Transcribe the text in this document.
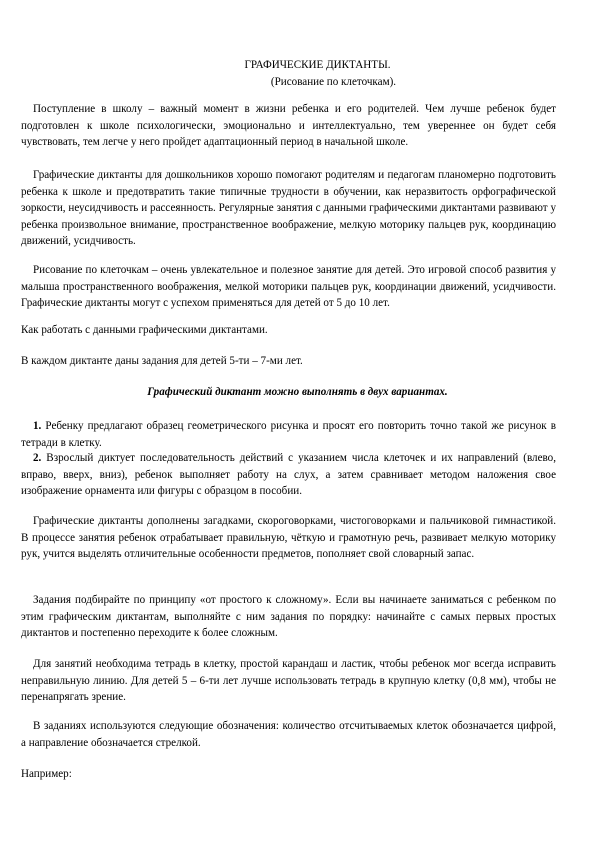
ГРАФИЧЕСКИЕ ДИКТАНТЫ.
(Рисование по клеточкам).
Поступление в школу – важный момент в жизни ребенка и его родителей. Чем лучше ребенок будет подготовлен к школе психологически, эмоционально и интеллектуально, тем увереннее он будет себя чувствовать, тем легче у него пройдет адаптационный период в начальной школе.
Графические диктанты для дошкольников хорошо помогают родителям и педагогам планомерно подготовить ребенка к школе и предотвратить такие типичные трудности в обучении, как неразвитость орфографической зоркости, неусидчивость и рассеянность. Регулярные занятия с данными графическими диктантами развивают у ребенка произвольное внимание, пространственное воображение, мелкую моторику пальцев рук, координацию движений, усидчивость.
Рисование по клеточкам – очень увлекательное и полезное занятие для детей. Это игровой способ развития у малыша пространственного воображения, мелкой моторики пальцев рук, координации движений, усидчивости. Графические диктанты могут с успехом применяться для детей от 5 до 10 лет.
Как работать с данными графическими диктантами.
В каждом диктанте даны задания для детей 5-ти – 7-ми лет.
Графический диктант можно выполнять в двух вариантах.
1. Ребенку предлагают образец геометрического рисунка и просят его повторить точно такой же рисунок в тетради в клетку.
2. Взрослый диктует последовательность действий с указанием числа клеточек и их направлений (влево, вправо, вверх, вниз), ребенок выполняет работу на слух, а затем сравнивает методом наложения свое изображение орнамента или фигуры с образцом в пособии.
Графические диктанты дополнены загадками, скороговорками, чистоговорками и пальчиковой гимнастикой. В процессе занятия ребенок отрабатывает правильную, чёткую и грамотную речь, развивает мелкую моторику рук, учится выделять отличительные особенности предметов, пополняет свой словарный запас.
Задания подбирайте по принципу «от простого к сложному». Если вы начинаете заниматься с ребенком по этим графическим диктантам, выполняйте с ним задания по порядку: начинайте с самых первых простых диктантов и постепенно переходите к более сложным.
Для занятий необходима тетрадь в клетку, простой карандаш и ластик, чтобы ребенок мог всегда исправить неправильную линию. Для детей 5 – 6-ти лет лучше использовать тетрадь в крупную клетку (0,8 мм), чтобы не перенапрягать зрение.
В заданиях используются следующие обозначения: количество отсчитываемых клеток обозначается цифрой, а направление обозначается стрелкой.
Например:
